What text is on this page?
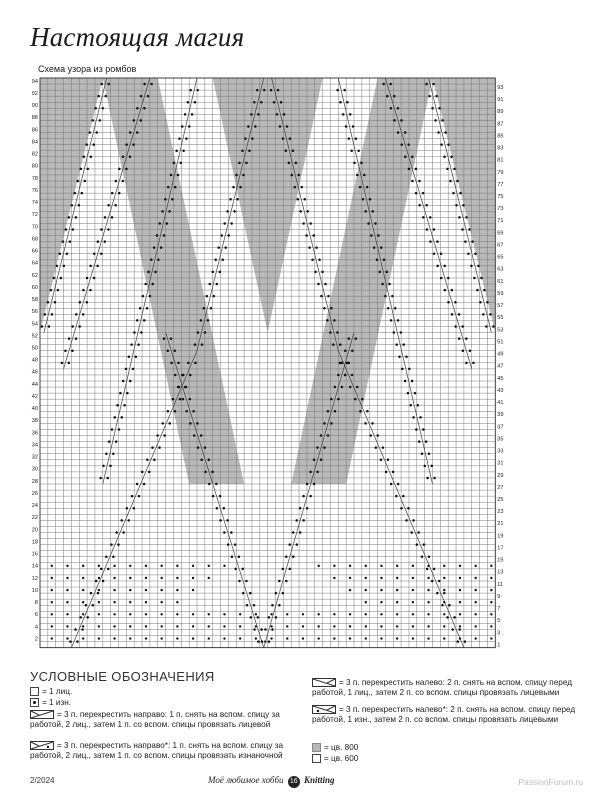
Настоящая магия
Схема узора из ромбов
94
92
90
88
86
84
82
80
78
76
74
72
70
68
66
64
62
60
58
56
54
52
50
48
46
44
42
40
38
36
34
32
30
28
26
24
22
20
18
16
14
12
10
8
6
4
2
93
91
89
87
85
83
81
79
77
75
73
71
69
67
65
63
61
59
57
55
53
51
49
47
45
43
41
39
37
35
33
31
29
27
25
23
21
19
17
15
13
11
9
7
5
3
1
УСЛОВНЫЕ ОБОЗНАЧЕНИЯ
= 1 лиц.
= 1 изн.
= 3 п. перекрестить направо: 1 п. снять на вспом. спицу за работой, 2 лиц., затем 1 п. со вспом. спицы провязать лицевой
= 3 п. перекрестить направо*: 1 п. снять на вспом. спицу за работой, 2 лиц., затем 1 п. со вспом. спицы провязать изнаночной
= 3 п. перекрестить налево: 2 п. снять на вспом. спицу перед работой, 1 лиц., затем 2 п. со вспом. спицы провязать лицевыми
= 3 п. перекрестить налево*: 2 п. снять на вспом. спицу перед работой, 1 изн., затем 2 п. со вспом. спицы провязать лицевыми
= цв. 800
= цв. 600
2/2024	Моё любимое хобби 16 Knitting	PassionForum.ru
